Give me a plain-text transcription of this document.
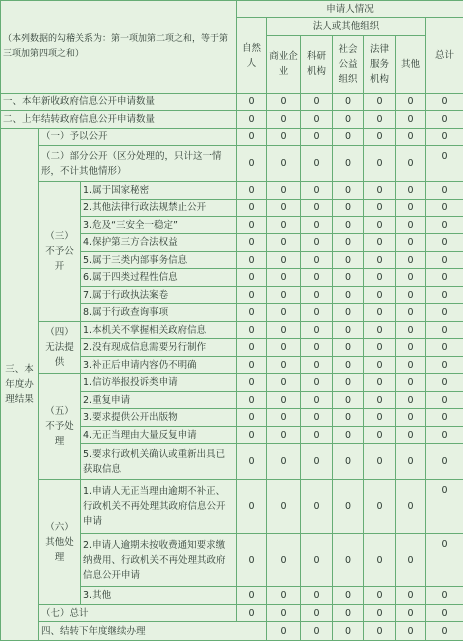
（本列数据的勾稽关系为：第一项加第二项之和，等于第三项加第四项之和）			申请人情况							
			自然人	法人或其他组织					总计	
				商业企业	科研机构	社会公益组织	法律服务机构	其他		
一、本年新收政府信息公开申请数量			0	0	0	0	0	0	0	
二、上年结转政府信息公开申请数量			0	0	0	0	0	0	0	
三、本年度办理结果	（一）予以公开		0	0	0	0	0	0	0	
	（二）部分公开（区分处理的，只计这一情形，不计其他情形）		0	0	0	0	0	0	0	
	（三）不予公开	1.属于国家秘密	0	0	0	0	0	0	0	
		2.其他法律行政法规禁止公开	0	0	0	0	0	0	0	
		3.危及“三安全一稳定”	0	0	0	0	0	0	0	
		4.保护第三方合法权益	0	0	0	0	0	0	0	
		5.属于三类内部事务信息	0	0	0	0	0	0	0	
		6.属于四类过程性信息	0	0	0	0	0	0	0	
		7.属于行政执法案卷	0	0	0	0	0	0	0	
		8.属于行政查询事项	0	0	0	0	0	0	0	
	（四）无法提供	1.本机关不掌握相关政府信息	0	0	0	0	0	0	0	
		2.没有现成信息需要另行制作	0	0	0	0	0	0	0	
		3.补正后申请内容仍不明确	0	0	0	0	0	0	0	
	（五）不予处理	1.信访举报投诉类申请	0	0	0	0	0	0	0	
		2.重复申请	0	0	0	0	0	0	0	
		3.要求提供公开出版物	0	0	0	0	0	0	0	
		4.无正当理由大量反复申请	0	0	0	0	0	0	0	
		5.要求行政机关确认或重新出具已获取信息	0	0	0	0	0	0	0	
	（六）其他处理	1.申请人无正当理由逾期不补正、行政机关不再处理其政府信息公开申请	0	0	0	0	0	0	0	
		2.申请人逾期未按收费通知要求缴纳费用、行政机关不再处理其政府信息公开申请	0	0	0	0	0	0	0	
		3.其他	0	0	0	0	0	0	0	
	（七）总计		0	0	0	0	0	0	0	
	四、结转下年度继续办理			0	0	0	0	0	0	
